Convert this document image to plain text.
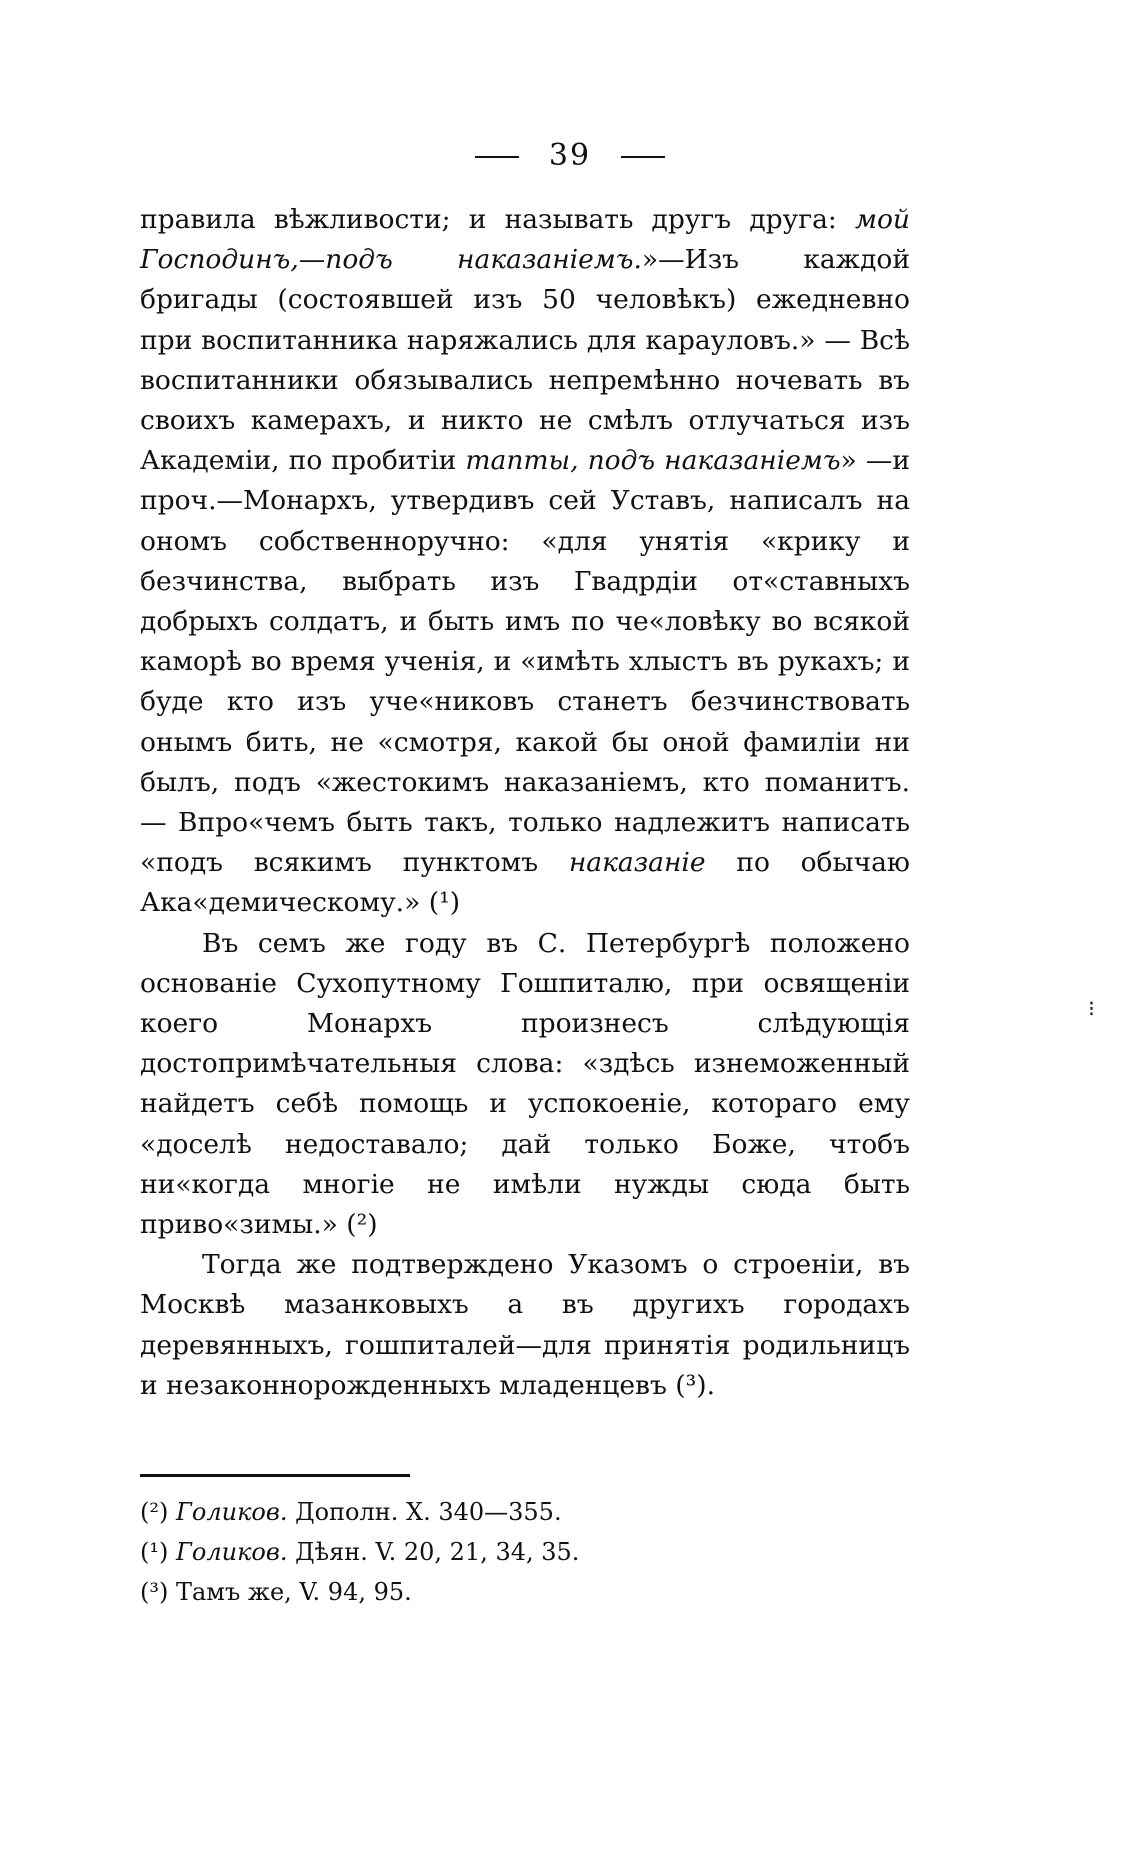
39

правила вѣжливости; и называть другъ друга: мой Господинъ,—подъ наказаніемъ.»—Изъ каждой бригады (состоявшей изъ 50 человѣкъ) ежедневно при воспитанника наряжались для карауловъ.» — Всѣ воспитанники обязывались непремѣнно ночевать въ своихъ камерахъ, и никто не смѣлъ отлучаться изъ Академіи, по пробитіи тапты, подъ наказаніемъ» —и проч.—Монархъ, утвердивъ сей Уставъ, написалъ на ономъ собственноручно: «для унятія «крику и безчинства, выбрать изъ Гвадрдіи от«ставныхъ добрыхъ солдатъ, и быть имъ по че«ловѣку во всякой каморѣ во время ученія, и «имѣть хлыстъ въ рукахъ; и буде кто изъ уче«никовъ станетъ безчинствовать онымъ бить, не «смотря, какой бы оной фамиліи ни былъ, подъ «жестокимъ наказаніемъ, кто поманитъ. — Впро«чемъ быть такъ, только надлежитъ написать «подъ всякимъ пунктомъ наказаніе по обычаю Ака«демическому.» (¹)

Въ семъ же году въ С. Петербургѣ положено основаніе Сухопутному Гошпиталю, при освященіи коего Монархъ произнесъ слѣдующія достопримѣчательныя слова: «здѣсь изнеможенный найдетъ себѣ помощь и успокоеніе, котораго ему «доселѣ недоставало; дай только Боже, чтобъ ни«когда многіе не имѣли нужды сюда быть приво«зимы.» (²)

Тогда же подтверждено Указомъ о строеніи, въ Москвѣ мазанковыхъ а въ другихъ городахъ деревянныхъ, гошпиталей—для принятія родильницъ и незаконнорожденныхъ младенцевъ (³).

(²) Голиков. Дополн. X. 340—355.
(¹) Голиков. Дѣян. V. 20, 21, 34, 35.
(³) Тамъ же, V. 94, 95.
⁝
